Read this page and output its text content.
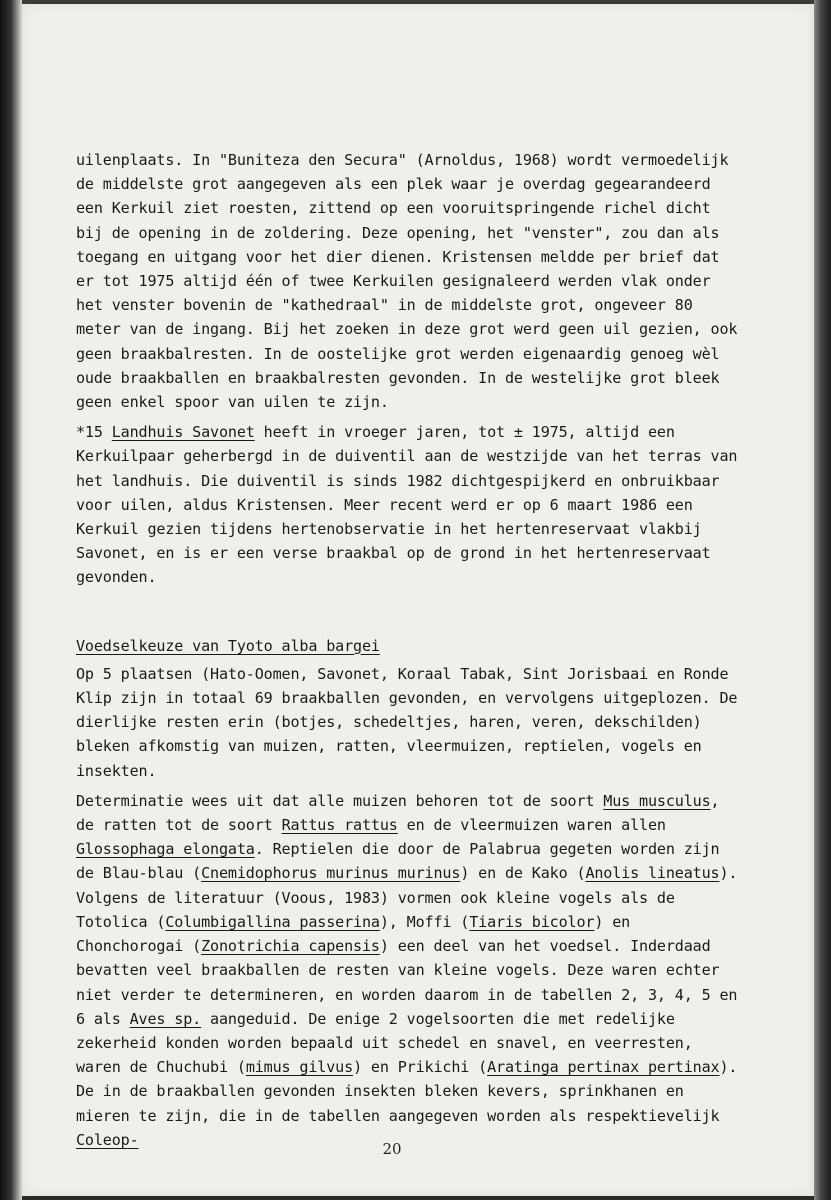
uilenplaats. In "Buniteza den Secura" (Arnoldus, 1968) wordt vermoedelijk de middelste grot aangegeven als een plek waar je overdag gegearandeerd een Kerkuil ziet roesten, zittend op een vooruitspringende richel dicht bij de opening in de zoldering. Deze opening, het "venster", zou dan als toegang en uitgang voor het dier dienen. Kristensen meldde per brief dat er tot 1975 altijd één of twee Kerkuilen gesignaleerd werden vlak onder het venster bovenin de "kathedraal" in de middelste grot, ongeveer 80 meter van de ingang. Bij het zoeken in deze grot werd geen uil gezien, ook geen braakbalresten. In de oostelijke grot werden eigenaardig genoeg wèl oude braakballen en braakbalresten gevonden. In de westelijke grot bleek geen enkel spoor van uilen te zijn.

*15 Landhuis Savonet heeft in vroeger jaren, tot ± 1975, altijd een Kerkuilpaar geherbergd in de duiventil aan de westzijde van het terras van het landhuis. Die duiventil is sinds 1982 dichtgespijkerd en onbruikbaar voor uilen, aldus Kristensen. Meer recent werd er op 6 maart 1986 een Kerkuil gezien tijdens hertenobservatie in het hertenreservaat vlakbij Savonet, en is er een verse braakbal op de grond in het hertenreservaat gevonden.

Voedselkeuze van Tyoto alba bargei

Op 5 plaatsen (Hato-Oomen, Savonet, Koraal Tabak, Sint Jorisbaai en Ronde Klip zijn in totaal 69 braakballen gevonden, en vervolgens uitgeplozen. De dierlijke resten erin (botjes, schedeltjes, haren, veren, dekschilden) bleken afkomstig van muizen, ratten, vleermuizen, reptielen, vogels en insekten.

Determinatie wees uit dat alle muizen behoren tot de soort Mus musculus, de ratten tot de soort Rattus rattus en de vleermuizen waren allen Glossophaga elongata. Reptielen die door de Palabrua gegeten worden zijn de Blau-blau (Cnemidophorus murinus murinus) en de Kako (Anolis lineatus). Volgens de literatuur (Voous, 1983) vormen ook kleine vogels als de Totolica (Columbigallina passerina), Moffi (Tiaris bicolor) en Chonchorogai (Zonotrichia capensis) een deel van het voedsel. Inderdaad bevatten veel braakballen de resten van kleine vogels. Deze waren echter niet verder te determineren, en worden daarom in de tabellen 2, 3, 4, 5 en 6 als Aves sp. aangeduid. De enige 2 vogelsoorten die met redelijke zekerheid konden worden bepaald uit schedel en snavel, en veerresten, waren de Chuchubi (mimus gilvus) en Prikichi (Aratinga pertinax pertinax). De in de braakballen gevonden insekten bleken kevers, sprinkhanen en mieren te zijn, die in de tabellen aangegeven worden als respektievelijk Coleop-

20
